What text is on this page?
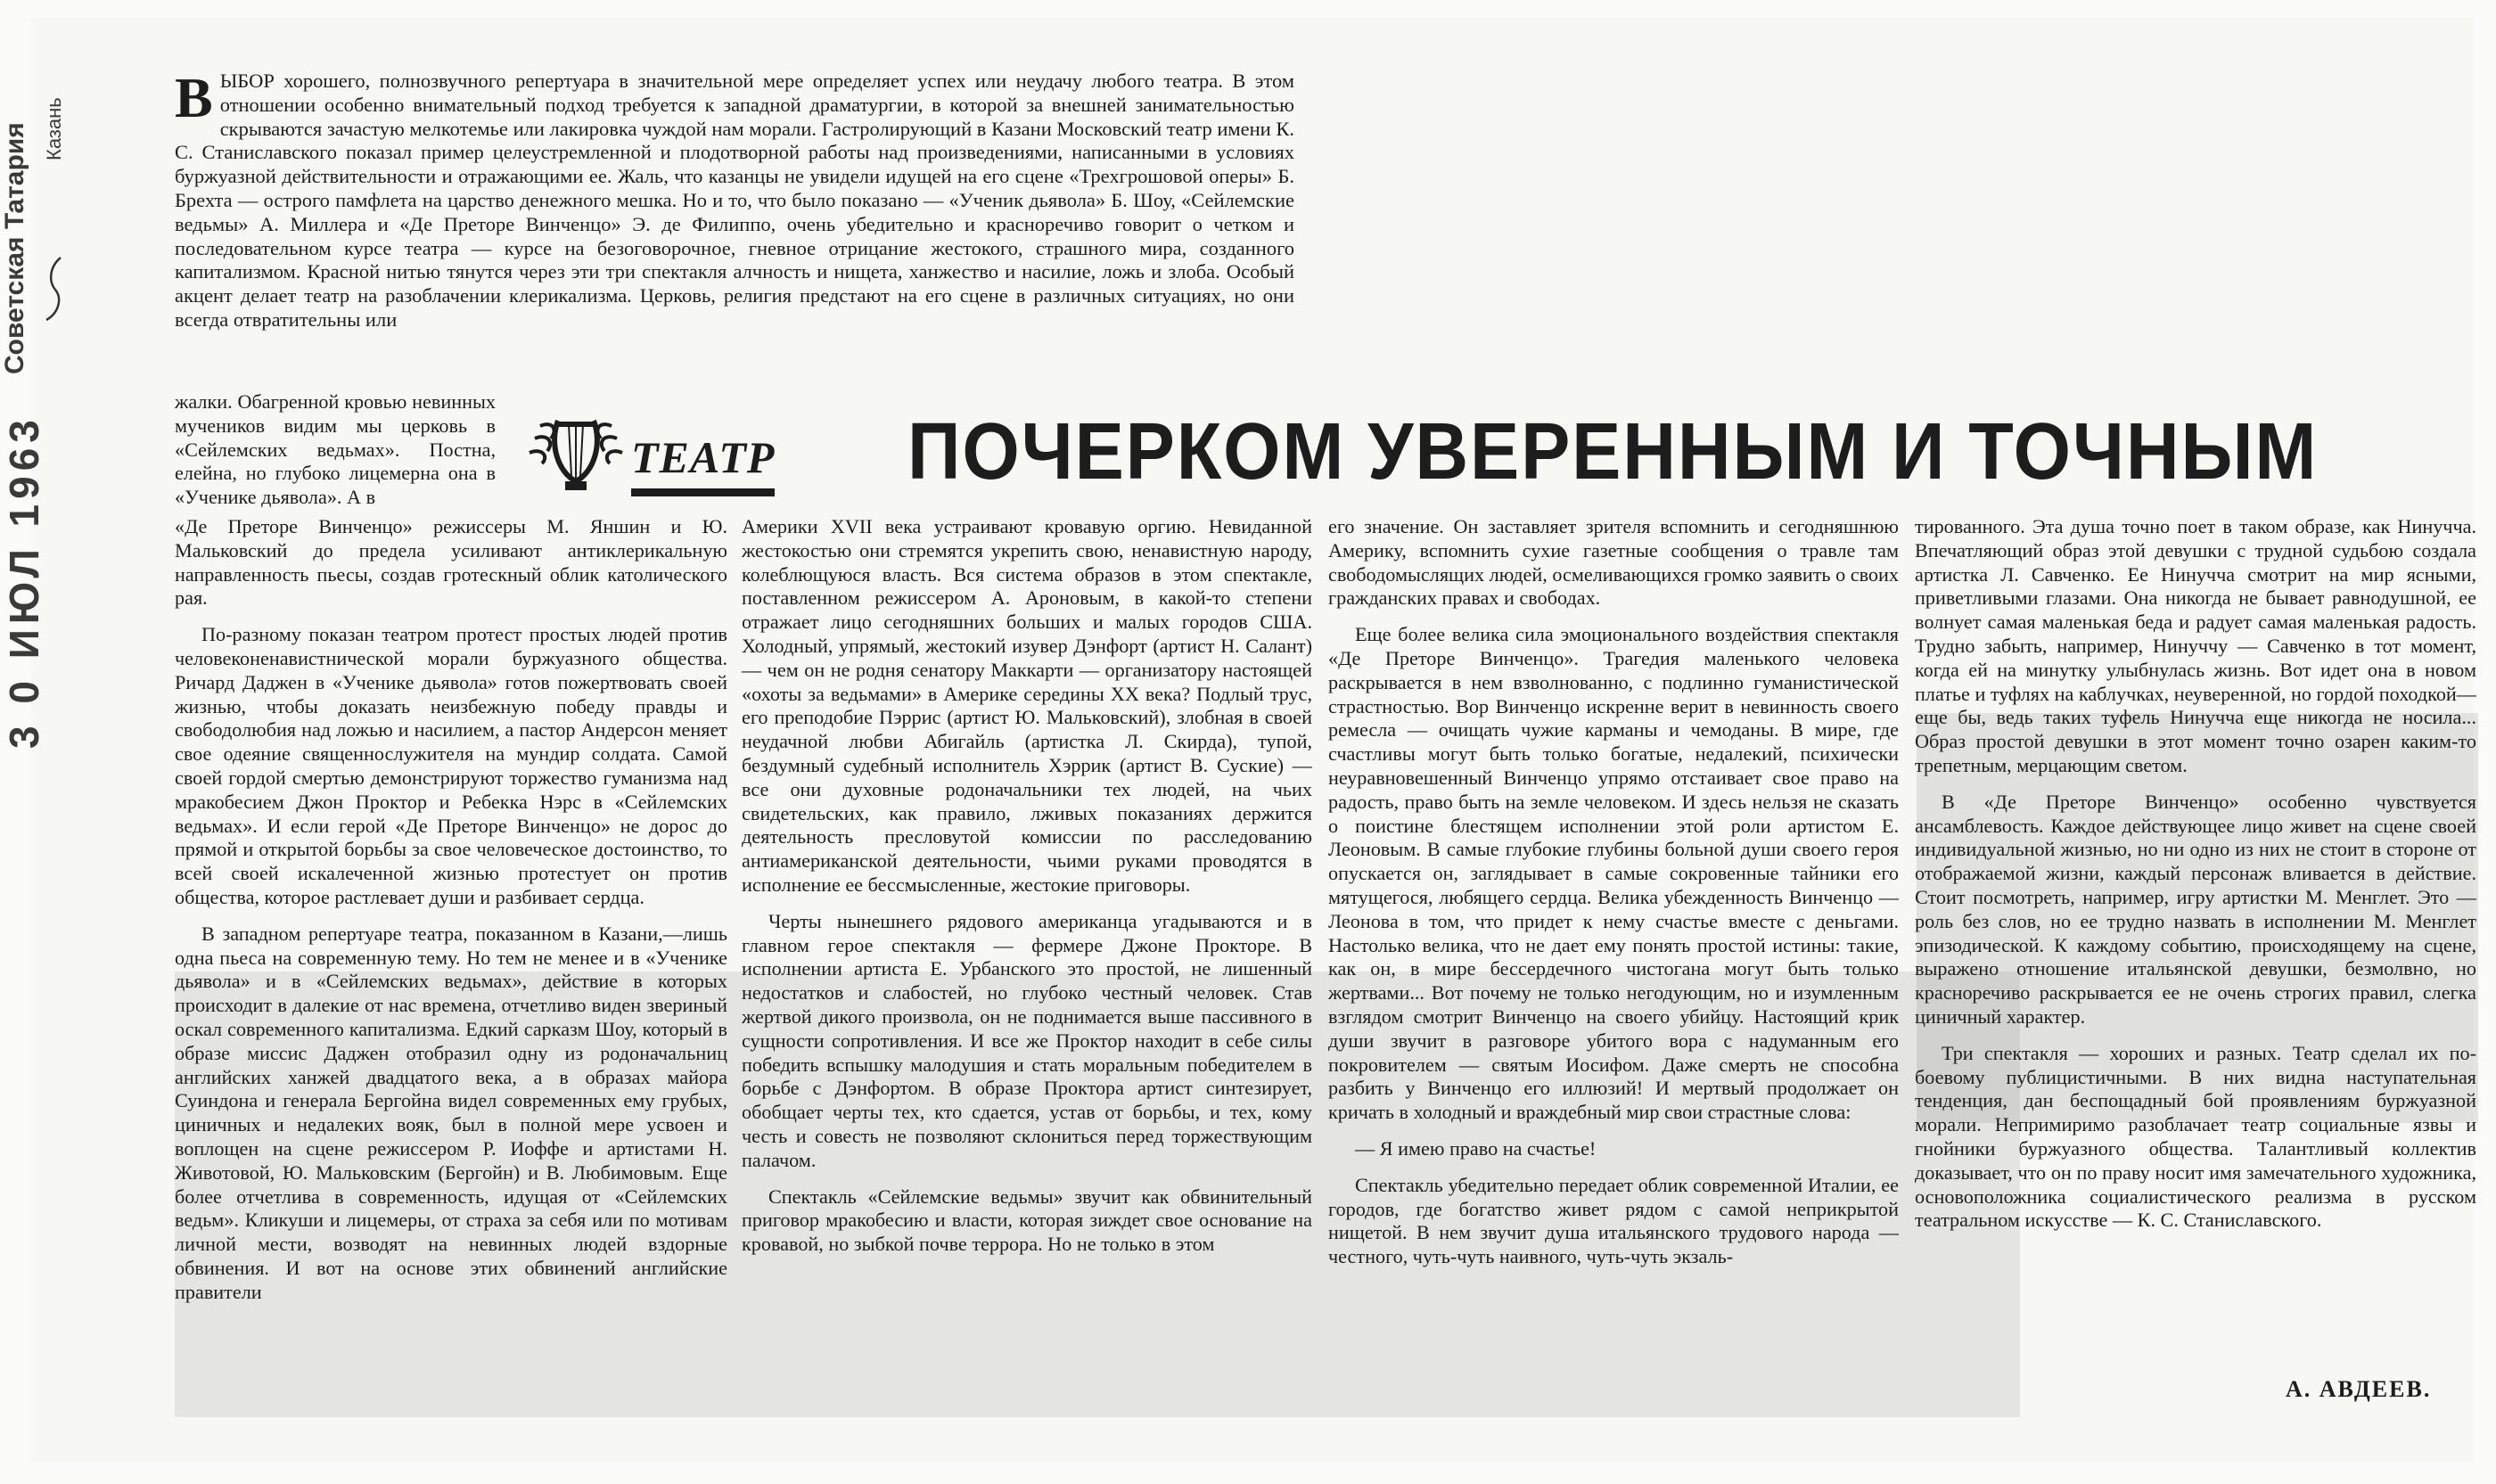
Советская Татария Казань
3 0 ИЮЛ 1963

ВЫБОР хорошего, полнозвучного репертуара в значительной мере определяет успех или неудачу любого театра. В этом отношении особенно внимательный подход требуется к западной драматургии, в которой за внешней занимательностью скрываются зачастую мелкотемье или лакировка чуждой нам морали. Гастролирующий в Казани Московский театр имени К. С. Станиславского показал пример целеустремленной и плодотворной работы над произведениями, написанными в условиях буржуазной действительности и отражающими ее. Жаль, что казанцы не увидели идущей на его сцене «Трехгрошовой оперы» Б. Брехта — острого памфлета на царство денежного мешка. Но и то, что было показано — «Ученик дьявола» Б. Шоу, «Сейлемские ведьмы» А. Миллера и «Де Преторе Винченцо» Э. де Филиппо, очень убедительно и красноречиво говорит о четком и последовательном курсе театра — курсе на безоговорочное, гневное отрицание жестокого, страшного мира, созданного капитализмом. Красной нитью тянутся через эти три спектакля алчность и нищета, ханжество и насилие, ложь и злоба. Особый акцент делает театр на разоблачении клерикализма. Церковь, религия предстают на его сцене в различных ситуациях, но они всегда отвратительны или

жалки. Обагренной кровью невинных мучеников видим мы церковь в «Сейлемских ведьмах». Постна, елейна, но глубоко лицемерна она в «Ученике дьявола». А в

ТЕАТР ПОЧЕРКОМ УВЕРЕННЫМ И ТОЧНЫМ

«Де Преторе Винченцо» режиссеры М. Яншин и Ю. Мальковский до предела усиливают антиклерикальную направленность пьесы, создав гротескный облик католического рая.

По-разному показан театром протест простых людей против человеконенавистнической морали буржуазного общества. Ричард Даджен в «Ученике дьявола» готов пожертвовать своей жизнью, чтобы доказать неизбежную победу правды и свободолюбия над ложью и насилием, а пастор Андерсон меняет свое одеяние священнослужителя на мундир солдата. Самой своей гордой смертью демонстрируют торжество гуманизма над мракобесием Джон Проктор и Ребекка Нэрс в «Сейлемских ведьмах». И если герой «Де Преторе Винченцо» не дорос до прямой и открытой борьбы за свое человеческое достоинство, то всей своей искалеченной жизнью протестует он против общества, которое растлевает души и разбивает сердца.

В западном репертуаре театра, показанном в Казани,—лишь одна пьеса на современную тему. Но тем не менее и в «Ученике дьявола» и в «Сейлемских ведьмах», действие в которых происходит в далекие от нас времена, отчетливо виден звериный оскал современного капитализма. Едкий сарказм Шоу, который в образе миссис Даджен отобразил одну из родоначальниц английских ханжей двадцатого века, а в образах майора Суиндона и генерала Бергойна видел современных ему грубых, циничных и недалеких вояк, был в полной мере усвоен и воплощен на сцене режиссером Р. Иоффе и артистами Н. Животовой, Ю. Мальковским (Бергойн) и В. Любимовым. Еще более отчетлива в современность, идущая от «Сейлемских ведьм». Кликуши и лицемеры, от страха за себя или по мотивам личной мести, возводят на невинных людей вздорные обвинения. И вот на основе этих обвинений английские правители

Америки XVII века устраивают кровавую оргию. Невиданной жестокостью они стремятся укрепить свою, ненавистную народу, колеблющуюся власть. Вся система образов в этом спектакле, поставленном режиссером А. Ароновым, в какой-то степени отражает лицо сегодняшних больших и малых городов США. Холодный, упрямый, жестокий изувер Дэнфорт (артист Н. Салант) — чем он не родня сенатору Маккарти — организатору настоящей «охоты за ведьмами» в Америке середины XX века? Подлый трус, его преподобие Пэррис (артист Ю. Мальковский), злобная в своей неудачной любви Абигайль (артистка Л. Скирда), тупой, бездумный судебный исполнитель Хэррик (артист В. Суские) — все они духовные родоначальники тех людей, на чьих свидетельских, как правило, лживых показаниях держится деятельность пресловутой комиссии по расследованию антиамериканской деятельности, чьими руками проводятся в исполнение ее бессмысленные, жестокие приговоры.

Черты нынешнего рядового американца угадываются и в главном герое спектакля — фермере Джоне Прокторе. В исполнении артиста Е. Урбанского это простой, не лишенный недостатков и слабостей, но глубоко честный человек. Став жертвой дикого произвола, он не поднимается выше пассивного в сущности сопротивления. И все же Проктор находит в себе силы победить вспышку малодушия и стать моральным победителем в борьбе с Дэнфортом. В образе Проктора артист синтезирует, обобщает черты тех, кто сдается, устав от борьбы, и тех, кому честь и совесть не позволяют склониться перед торжествующим палачом.

Спектакль «Сейлемские ведьмы» звучит как обвинительный приговор мракобесию и власти, которая зиждет свое основание на кровавой, но зыбкой почве террора. Но не только в этом

его значение. Он заставляет зрителя вспомнить и сегодняшнюю Америку, вспомнить сухие газетные сообщения о травле там свободомыслящих людей, осмеливающихся громко заявить о своих гражданских правах и свободах.

Еще более велика сила эмоционального воздействия спектакля «Де Преторе Винченцо». Трагедия маленького человека раскрывается в нем взволнованно, с подлинно гуманистической страстностью. Вор Винченцо искренне верит в невинность своего ремесла — очищать чужие карманы и чемоданы. В мире, где счастливы могут быть только богатые, недалекий, психически неуравновешенный Винченцо упрямо отстаивает свое право на радость, право быть на земле человеком. И здесь нельзя не сказать о поистине блестящем исполнении этой роли артистом Е. Леоновым. В самые глубокие глубины больной души своего героя опускается он, заглядывает в самые сокровенные тайники его мятущегося, любящего сердца. Велика убежденность Винченцо — Леонова в том, что придет к нему счастье вместе с деньгами. Настолько велика, что не дает ему понять простой истины: такие, как он, в мире бессердечного чистогана могут быть только жертвами... Вот почему не только негодующим, но и изумленным взглядом смотрит Винченцо на своего убийцу. Настоящий крик души звучит в разговоре убитого вора с надуманным его покровителем — святым Иосифом. Даже смерть не способна разбить у Винченцо его иллюзий! И мертвый продолжает он кричать в холодный и враждебный мир свои страстные слова:

— Я имею право на счастье!

Спектакль убедительно передает облик современной Италии, ее городов, где богатство живет рядом с самой неприкрытой нищетой. В нем звучит душа итальянского трудового народа — честного, чуть-чуть наивного, чуть-чуть экзаль-

тированного. Эта душа точно поет в таком образе, как Нинучча. Впечатляющий образ этой девушки с трудной судьбою создала артистка Л. Савченко. Ее Нинучча смотрит на мир ясными, приветливыми глазами. Она никогда не бывает равнодушной, ее волнует самая маленькая беда и радует самая маленькая радость. Трудно забыть, например, Нинуччу — Савченко в тот момент, когда ей на минутку улыбнулась жизнь. Вот идет она в новом платье и туфлях на каблучках, неуверенной, но гордой походкой—еще бы, ведь таких туфель Нинучча еще никогда не носила... Образ простой девушки в этот момент точно озарен каким-то трепетным, мерцающим светом.

В «Де Преторе Винченцо» особенно чувствуется ансамблевость. Каждое действующее лицо живет на сцене своей индивидуальной жизнью, но ни одно из них не стоит в стороне от отображаемой жизни, каждый персонаж вливается в действие. Стоит посмотреть, например, игру артистки М. Менглет. Это — роль без слов, но ее трудно назвать в исполнении М. Менглет эпизодической. К каждому событию, происходящему на сцене, выражено отношение итальянской девушки, безмолвно, но красноречиво раскрывается ее не очень строгих правил, слегка циничный характер.

Три спектакля — хороших и разных. Театр сделал их по-боевому публицистичными. В них видна наступательная тенденция, дан беспощадный бой проявлениям буржуазной морали. Непримиримо разоблачает театр социальные язвы и гнойники буржуазного общества. Талантливый коллектив доказывает, что он по праву носит имя замечательного художника, основоположника социалистического реализма в русском театральном искусстве — К. С. Станиславского.

А. АВДЕЕВ.
